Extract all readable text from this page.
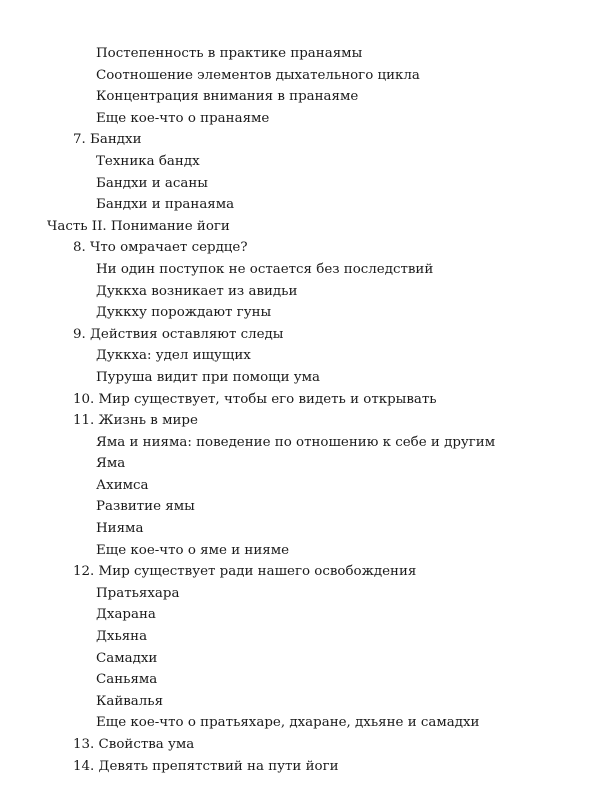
Постепенность в практике пранаямы
Соотношение элементов дыхательного цикла
Концентрация внимания в пранаяме
Еще кое-что о пранаяме
7. Бандхи
Техника бандх
Бандхи и асаны
Бандхи и пранаяма
Часть II. Понимание йоги
8. Что омрачает сердце?
Ни один поступок не остается без последствий
Дуккха возникает из авидьи
Дуккху порождают гуны
9. Действия оставляют следы
Дуккха: удел ищущих
Пуруша видит при помощи ума
10. Мир существует, чтобы его видеть и открывать
11. Жизнь в мире
Яма и нияма: поведение по отношению к себе и другим
Яма
Ахимса
Развитие ямы
Нияма
Еще кое-что о яме и нияме
12. Мир существует ради нашего освобождения
Пратьяхара
Дхарана
Дхьяна
Самадхи
Саньяма
Кайвалья
Еще кое-что о пратьяхаре, дхаране, дхьяне и самадхи
13. Свойства ума
14. Девять препятствий на пути йоги
